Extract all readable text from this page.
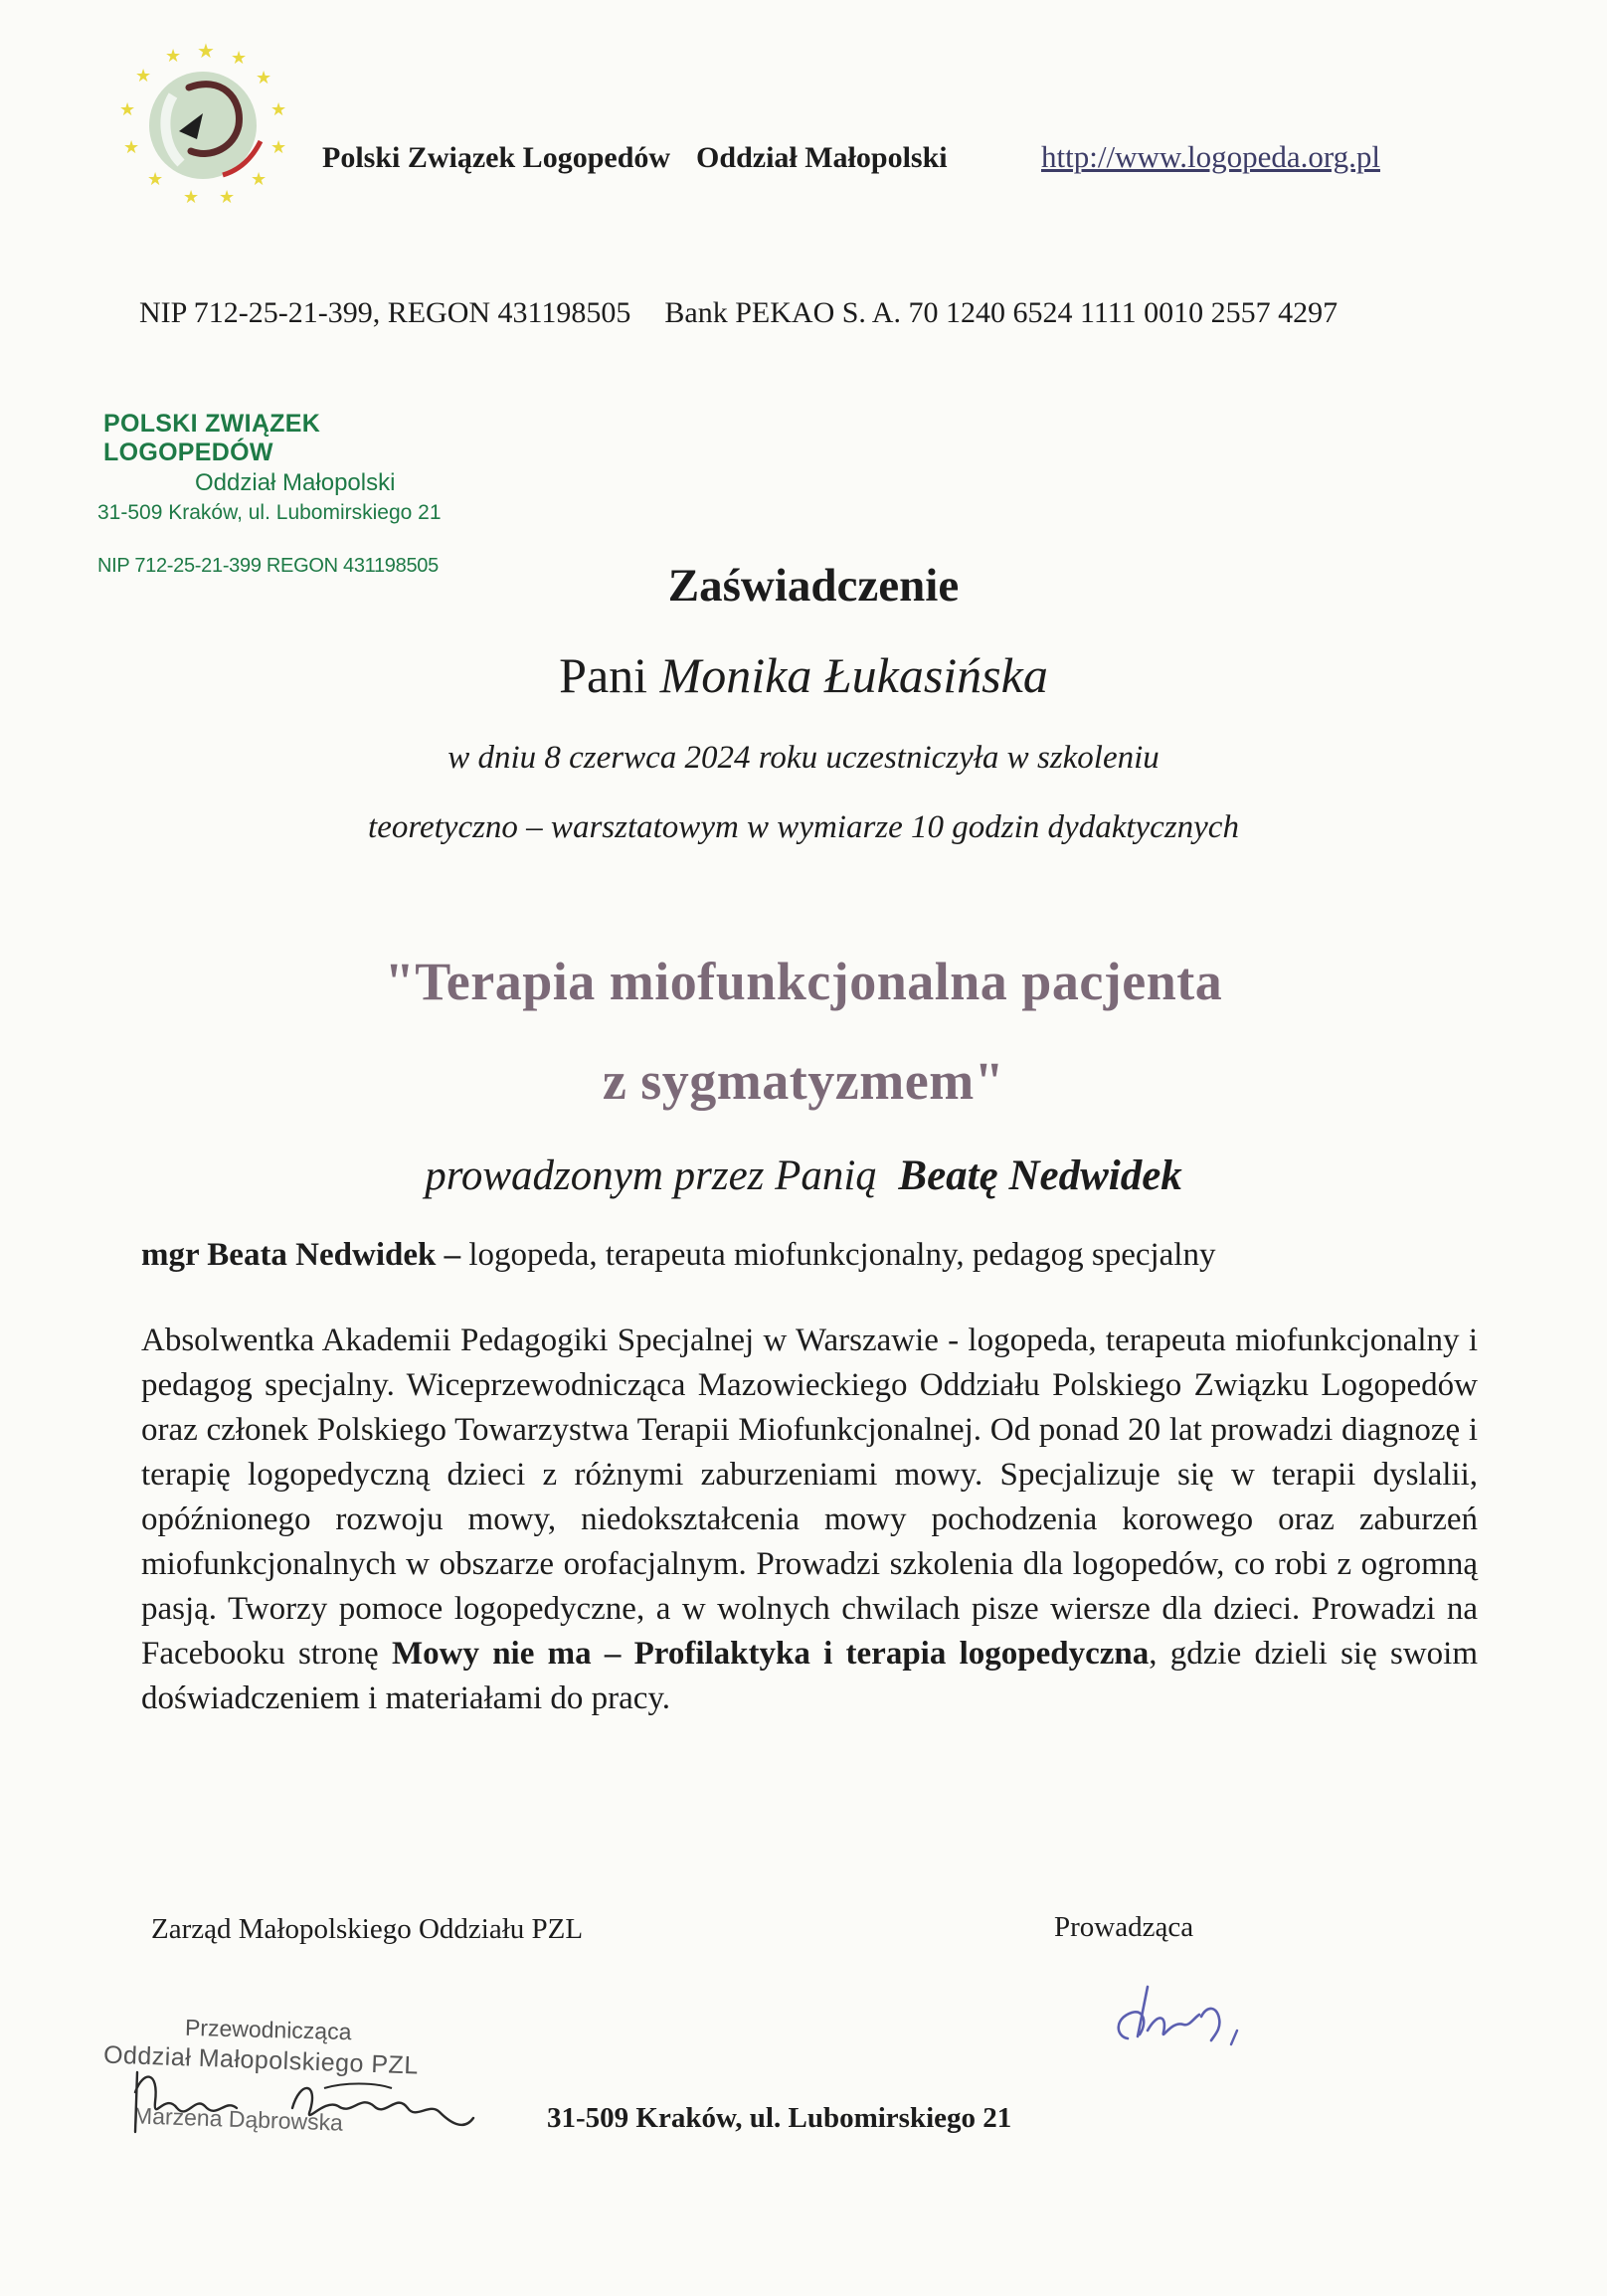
★ ★
★
★
★
★
★
★
★
★
★
★
★
Polski Związek Logopedów Oddział Małopolski	http://www.logopeda.org.pl
NIP 712-25-21-399, REGON 431198505 Bank PEKAO S. A. 70 1240 6524 1111 0010 2557 4297
POLSKI ZWIĄZEK LOGOPEDÓW
Oddział Małopolski
31-509 Kraków, ul. Lubomirskiego 21
NIP 712-25-21-399 REGON 431198505	Zaświadczenie
Pani Monika Łukasińska
w dniu 8 czerwca 2024 roku uczestniczyła w szkoleniu
teoretyczno – warsztatowym w wymiarze 10 godzin dydaktycznych
"Terapia miofunkcjonalna pacjenta
z sygmatyzmem"
prowadzonym przez Panią Beatę Nedwidek
mgr Beata Nedwidek – logopeda, terapeuta miofunkcjonalny, pedagog specjalny
Absolwentka Akademii Pedagogiki Specjalnej w Warszawie - logopeda, terapeuta miofunkcjonalny i pedagog specjalny. Wiceprzewodnicząca Mazowieckiego Oddziału Polskiego Związku Logopedów oraz członek Polskiego Towarzystwa Terapii Miofunkcjonalnej. Od ponad 20 lat prowadzi diagnozę i terapię logopedyczną dzieci z różnymi zaburzeniami mowy. Specjalizuje się w terapii dyslalii, opóźnionego rozwoju mowy, niedokształcenia mowy pochodzenia korowego oraz zaburzeń miofunkcjonalnych w obszarze orofacjalnym. Prowadzi szkolenia dla logopedów, co robi z ogromną pasją. Tworzy pomoce logopedyczne, a w wolnych chwilach pisze wiersze dla dzieci. Prowadzi na Facebooku stronę Mowy nie ma – Profilaktyka i terapia logopedyczna, gdzie dzieli się swoim doświadczeniem i materiałami do pracy.
Zarząd Małopolskiego Oddziału PZL	Prowadząca
Przewodnicząca
Oddział Małopolskiego PZL
Marzena Dąbrowska	31-509 Kraków, ul. Lubomirskiego 21
